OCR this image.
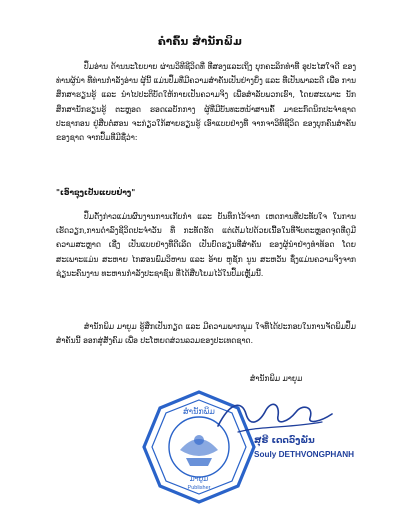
ຄຳຄົ້ນ ສຳນັກພິມ
ປຶ້ມອ່ານ ດ້ານນະໂຍບາຍ ຜ່ານວິທີຊີວິດທີ່ ທີ່ສອງແລະເຖິງ ບຸກຄະລິກທຳທີ່ ອຸປະໄສໃຈດີ ຂອງທ່ານຜູ້ນຳ ທີ່ທ່ານກຳລັງອ່ານ ຜູ້ນີ້ ແມ່ນປຶ້ມທີ່ມີຄວາມສຳຄັນເປັນຢ່າງຍິ່ງ ແລະ ທີ່ເປັນພາລະດີ ເພື່ອ ການສຶກສາຮຽນຮູ້ ແລະ ນຳໄປປະຕິບັດໃຫ້ກາຍເປັນຄວາມຈິງ ເພື່ອສຳລັບພວກເຮົາ, ໂດຍສະເພາະ ນັກສຶກສານັກຮຽນຮູ້ ຕະຫຼອດ ຮອດເລບັກກາງ ຜູ້ທີ່ມີບັນທະຫນ້າສານຄົ້ ມາຂະກົດນິກປະຈຳຊາດ ປະຊາກອນ ຢູ່ສືບຕໍ່ສອນ ຈະກ່ຽວໃກ້ສາຍຮຽນຮູ້ ເອົາແບບຢ່າງທີ່ ຈາກຈາວິທີຊີວິດ ຂອງບຸກຄົນສຳຄັນຂອງຊາດ ຈາກປຶ້ມທີ່ມີຊື່ວ່າ:
"ເອົາຊຸງເປັນແບບຢ່າງ"
ປຶ້ມດັ່ງກ່າວແມ່ນຜົນງານການເກັບກຳ ແລະ ບັນທຶກໄວ້ຈາກ ເຫດການທີ່ປະທັບໃຈ ໃນການເຮັດວຽກ,ການດຳລົງຊີວິດປະຈຳວັນ ທີ່ ກະທັດຮັດ ແຕ່ເຕັມໄປດ້ວຍເນື້ອໃນທີ່ຈັບຕະຫຼອດຈຸດທີ່ດູມີຄວາມສະຫຼາດ ເຊີ່ງ ເປັນແບບຢ່າງທີ່ດີເລີດ ເປັນບົດຮຽນທີ່ສຳຄັນ ຂອງຜູ້ນຳຢ່າງທຳທ້ອດ ໂດຍສະເພາະແມ່ນ ສະຫາຍ ໄກສອນພົມວິຫານ ແລະ ອ້າຍ ຫູຊັກ ນູນ ສະຫວັນ ຊຶ່ງແມ່ນຄວາມຈິງຈາກຊ່ຽນະຄົນງານ ທະຫານກຳລັງປະຊາຊົນ ທີ່ໄດ້ສືບໂຍມໄວ້ໃນປຶ້ມເຫຼັ້ມນີ້.
ສຳນັກພິມ ມາຍູມ ຮູ້ສຶກເປັນກຽດ ແລະ ມີຄວາມພາກພູມ ໃຈທີ່ໄດ້ປະກອບໃນການຈັດພິມປຶ້ມສຳຄັນນີ້ ອອກສູ່ສັງຄົມ ເພື່ອ ປະໂຫຍດສ່ວນລວມຂອງປະເທດຊາດ.
ສຳນັກພິມ ມາຍູມ
ສຳນັກພິມ
ມາຍູມ
Publisher
ສຸຣີ ເດດວົງພັນ
Souly DETHVONGPHANH
